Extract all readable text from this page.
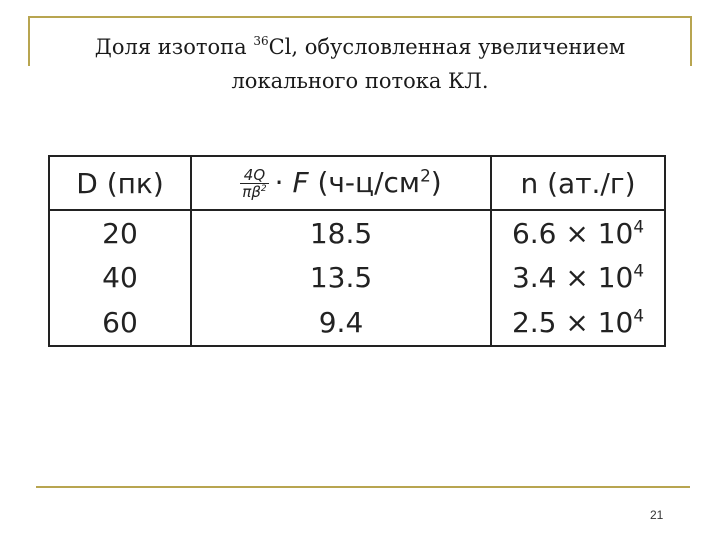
Доля изотопа $^{36}$Cl, обусловленная увеличением
локального потока КЛ.
D (пк)	$\frac{4Q}{\pi\beta^2} \cdot F$ $(ч-ц/см^2)$	n (ат./г)
20	18.5	$6.6 \times 10^4$
40	13.5	$3.4 \times 10^4$
60	9.4	$2.5 \times 10^4$
21
